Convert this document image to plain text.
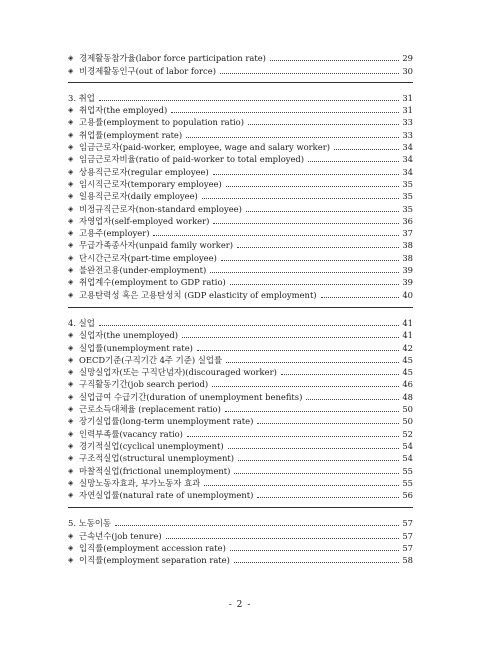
◈ 경제활동참가율(labor force participation rate)	29
◈ 비경제활동인구(out of labor force)	30
3. 취업	31
◈ 취업자(the employed)	31
◈ 고용률(employment to population ratio)	33
◈ 취업률(employment rate)	33
◈ 임금근로자(paid-worker, employee, wage and salary worker)	34
◈ 임금근로자비율(ratio of paid-worker to total employed)	34
◈ 상용직근로자(regular employee)	34
◈ 임시직근로자(temporary employee)	35
◈ 일용직근로자(daily employee)	35
◈ 비정규직근로자(non-standard employee)	35
◈ 자영업자(self-employed worker)	36
◈ 고용주(employer)	37
◈ 무급가족종사자(unpaid family worker)	38
◈ 단시간근로자(part-time employee)	38
◈ 불완전고용(under-employment)	39
◈ 취업계수(employment to GDP ratio)	39
◈ 고용탄력성 혹은 고용탄성치 (GDP elasticity of employment)	40
4. 실업	41
◈ 실업자(the unemployed)	41
◈ 실업률(unemployment rate)	42
◈ OECD기준(구직기간 4주 기준) 실업률	45
◈ 실망실업자(또는 구직단념자)(discouraged worker)	45
◈ 구직활동기간(job search period)	46
◈ 실업급여 수급기간(duration of unemployment benefits)	48
◈ 근로소득대체율 (replacement ratio)	50
◈ 장기실업률(long-term unemployment rate)	50
◈ 인력부족률(vacancy ratio)	52
◈ 경기적실업(cyclical unemployment)	54
◈ 구조적실업(structural unemployment)	54
◈ 마찰적실업(frictional unemployment)	55
◈ 실망노동자효과, 부가노동자 효과	55
◈ 자연실업률(natural rate of unemployment)	56
5. 노동이동	57
◈ 근속년수(job tenure)	57
◈ 입직률(employment accession rate)	57
◈ 이직률(employment separation rate)	58
- 2 -
